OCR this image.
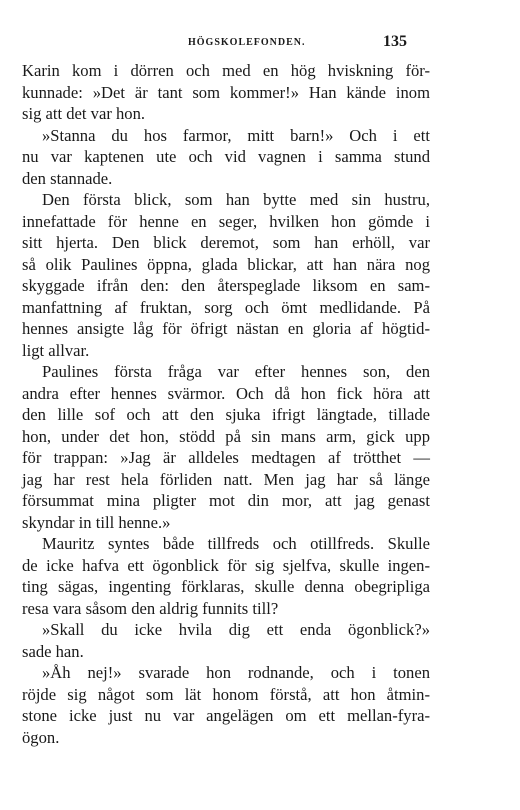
HÖGSKOLEFONDEN.	135
Karin kom i dörren och med en hög hviskning för-
kunnade: »Det är tant som kommer!» Han kände inom
sig att det var hon.
»Stanna du hos farmor, mitt barn!» Och i ett
nu var kaptenen ute och vid vagnen i samma stund
den stannade.
Den första blick, som han bytte med sin hustru,
innefattade för henne en seger, hvilken hon gömde i
sitt hjerta. Den blick deremot, som han erhöll, var
så olik Paulines öppna, glada blickar, att han nära nog
skyggade ifrån den: den återspeglade liksom en sam-
manfattning af fruktan, sorg och ömt medlidande. På
hennes ansigte låg för öfrigt nästan en gloria af högtid-
ligt allvar.
Paulines första fråga var efter hennes son, den
andra efter hennes svärmor. Och då hon fick höra att
den lille sof och att den sjuka ifrigt längtade, tillade
hon, under det hon, stödd på sin mans arm, gick upp
för trappan: »Jag är alldeles medtagen af trötthet —
jag har rest hela förliden natt. Men jag har så länge
försummat mina pligter mot din mor, att jag genast
skyndar in till henne.»
Mauritz syntes både tillfreds och otillfreds. Skulle
de icke hafva ett ögonblick för sig sjelfva, skulle ingen-
ting sägas, ingenting förklaras, skulle denna obegripliga
resa vara såsom den aldrig funnits till?
»Skall du icke hvila dig ett enda ögonblick?»
sade han.
»Åh nej!» svarade hon rodnande, och i tonen
röjde sig något som lät honom förstå, att hon åtmin-
stone icke just nu var angelägen om ett mellan-fyra-
ögon.
